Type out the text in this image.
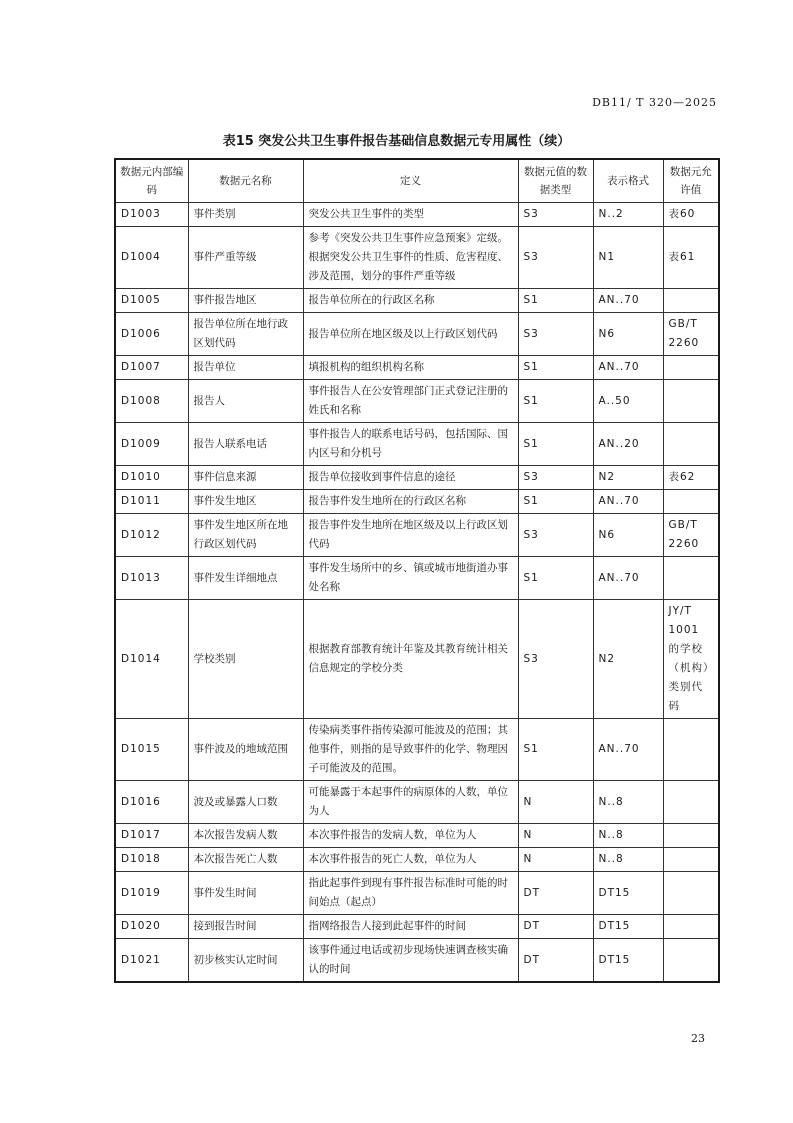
DB11/ T 320—2025
表15 突发公共卫生事件报告基础信息数据元专用属性（续）
数据元内部编码	数据元名称	定义	数据元值的数据类型	表示格式	数据元允许值
D1003	事件类别	突发公共卫生事件的类型	S3	N..2	表60
D1004	事件严重等级	参考《突发公共卫生事件应急预案》定级。根据突发公共卫生事件的性质、危害程度、涉及范围，划分的事件严重等级	S3	N1	表61
D1005	事件报告地区	报告单位所在的行政区名称	S1	AN..70	
D1006	报告单位所在地行政区划代码	报告单位所在地区级及以上行政区划代码	S3	N6	GB/T 2260
D1007	报告单位	填报机构的组织机构名称	S1	AN..70	
D1008	报告人	事件报告人在公安管理部门正式登记注册的姓氏和名称	S1	A..50	
D1009	报告人联系电话	事件报告人的联系电话号码，包括国际、国内区号和分机号	S1	AN..20	
D1010	事件信息来源	报告单位接收到事件信息的途径	S3	N2	表62
D1011	事件发生地区	报告事件发生地所在的行政区名称	S1	AN..70	
D1012	事件发生地区所在地行政区划代码	报告事件发生地所在地区级及以上行政区划代码	S3	N6	GB/T 2260
D1013	事件发生详细地点	事件发生场所中的乡、镇或城市地街道办事处名称	S1	AN..70	
D1014	学校类别	根据教育部教育统计年鉴及其教育统计相关信息规定的学校分类	S3	N2	JY/T 1001 的学校（机构）类别代码
D1015	事件波及的地域范围	传染病类事件指传染源可能波及的范围；其他事件，则指的是导致事件的化学、物理因子可能波及的范围。	S1	AN..70	
D1016	波及或暴露人口数	可能暴露于本起事件的病原体的人数，单位为人	N	N..8	
D1017	本次报告发病人数	本次事件报告的发病人数，单位为人	N	N..8	
D1018	本次报告死亡人数	本次事件报告的死亡人数，单位为人	N	N..8	
D1019	事件发生时间	指此起事件到现有事件报告标准时可能的时间始点（起点）	DT	DT15	
D1020	接到报告时间	指网络报告人接到此起事件的时间	DT	DT15	
D1021	初步核实认定时间	该事件通过电话或初步现场快速调查核实确认的时间	DT	DT15	
23
